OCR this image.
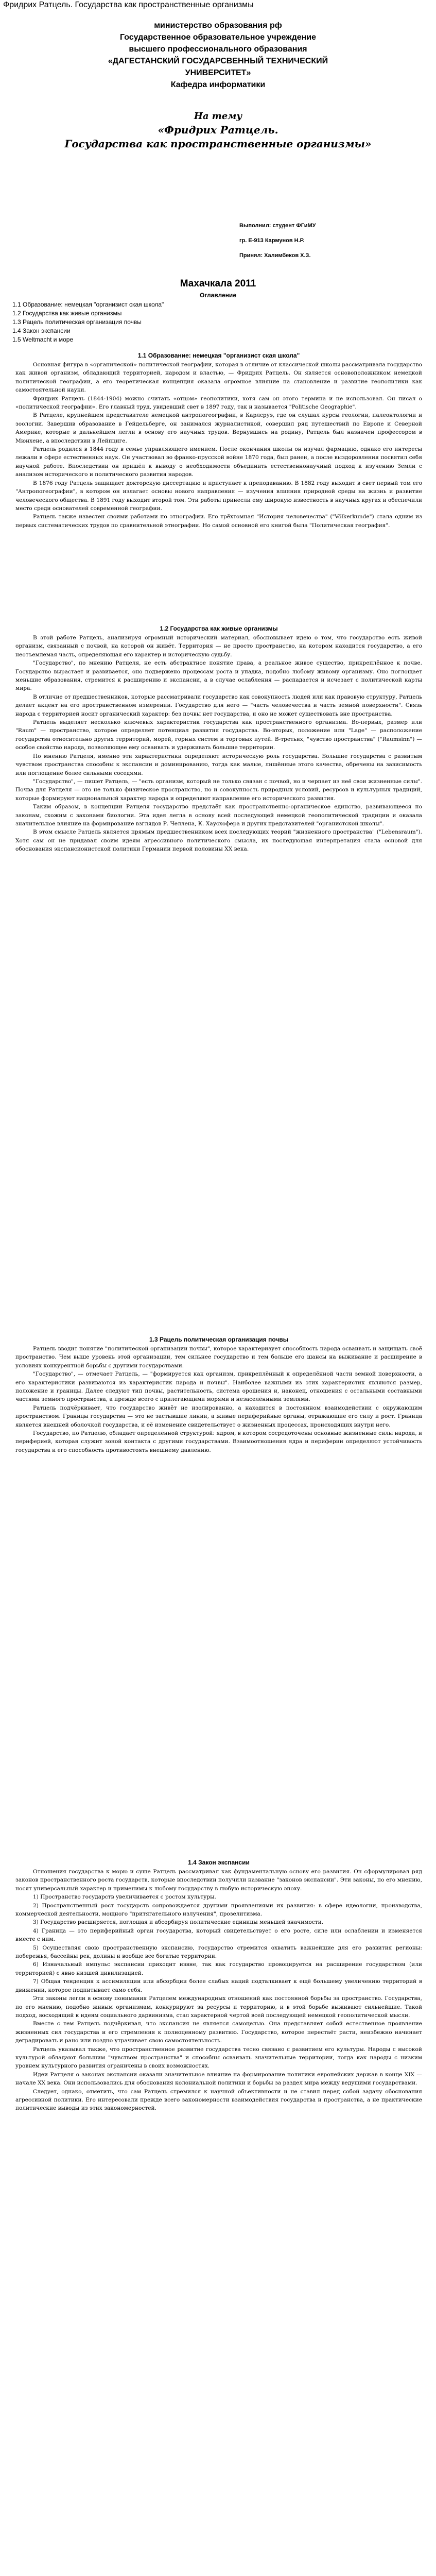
Фридрих Ратцель. Государства как пространственные организмы
министерство образования рф
Государственное образовательное учреждение
высшего профессионального образования
«ДАГЕСТАНСКИЙ ГОСУДАРСВЕННЫЙ ТЕХНИЧЕСКИЙ
УНИВЕРСИТЕТ»
Кафедра информатики
На тему
«Фридрих Ратцель.
Государства как пространственные организмы»
Выполнил: студент ФГиМУ
гр. Е-913 Кармунов Н.Р.
Принял: Халимбеков Х.З.
Махачкала 2011
Оглавление
1.1 Образование: немецкая "организист ская школа"
1.2 Государства как живые организмы
1.3 Рацель политическая организация почвы
1.4 Закон экспансии
1.5 Weltmacht и море
1.1 Образование: немецкая "организист ская школа"

Основная фигура в «органической» политической географии, которая в отличие от классической школы рассматривала государство как живой организм, обладающий территорией, народом и властью, — Фридрих Ратцель. Он является основоположником немецкой политической географии, а его теоретическая концепция оказала огромное влияние на становление и развитие геополитики как самостоятельной науки.

Фридрих Ратцель (1844-1904) можно считать «отцом» геополитики, хотя сам он этого термина и не использовал. Он писал о «политической географии». Его главный труд, увидевший свет в 1897 году, так и называется "Politische Geographie".

В Ратцеле, крупнейшем представителе немецкой антропогеографии, в Карлсруэ, где он слушал курсы геологии, палеонтологии и зоологии. Завершив образование в Гейдельберге, он занимался журналистикой, совершил ряд путешествий по Европе и Северной Америке, которые в дальнейшем легли в основу его научных трудов. Вернувшись на родину, Ратцель был назначен профессором в Мюнхене, а впоследствии в Лейпциге.

Ратцель родился в 1844 году в семье управляющего имением. После окончания школы он изучал фармацию, однако его интересы лежали в сфере естественных наук. Он участвовал во франко-прусской войне 1870 года, был ранен, а после выздоровления посвятил себя научной работе. Впоследствии он пришёл к выводу о необходимости объединить естественнонаучный подход к изучению Земли с анализом исторического и политического развития народов.

В 1876 году Ратцель защищает докторскую диссертацию и приступает к преподаванию. В 1882 году выходит в свет первый том его "Антропогеографии", в котором он излагает основы нового направления — изучения влияния природной среды на жизнь и развитие человеческого общества. В 1891 году выходит второй том. Эти работы принесли ему широкую известность в научных кругах и обеспечили место среди основателей современной географии.

Ратцель также известен своими работами по этнографии. Его трёхтомная "История человечества" ("Völkerkunde") стала одним из первых систематических трудов по сравнительной этнографии. Но самой основной его книгой была "Политическая география".

1.2 Государства как живые организмы

В этой работе Ратцель, анализируя огромный исторический материал, обосновывает идею о том, что государство есть живой организм, связанный с почвой, на которой он живёт. Территория — не просто пространство, на котором находится государство, а его неотъемлемая часть, определяющая его характер и историческую судьбу.

"Государство", по мнению Ратцеля, не есть абстрактное понятие права, а реальное живое существо, прикреплённое к почве. Государство вырастает и развивается, оно подвержено процессам роста и упадка, подобно любому живому организму. Оно поглощает меньшие образования, стремится к расширению и экспансии, а в случае ослабления — распадается и исчезает с политической карты мира.

В отличие от предшественников, которые рассматривали государство как совокупность людей или как правовую структуру, Ратцель делает акцент на его пространственном измерении. Государство для него — "часть человечества и часть земной поверхности". Связь народа с территорией носит органический характер: без почвы нет государства, и оно не может существовать вне пространства.

Ратцель выделяет несколько ключевых характеристик государства как пространственного организма. Во-первых, размер или "Raum" — пространство, которое определяет потенциал развития государства. Во-вторых, положение или "Lage" — расположение государства относительно других территорий, морей, горных систем и торговых путей. В-третьих, "чувство пространства" ("Raumsinn") — особое свойство народа, позволяющее ему осваивать и удерживать большие территории.

По мнению Ратцеля, именно эти характеристики определяют историческую роль государства. Большие государства с развитым чувством пространства способны к экспансии и доминированию, тогда как малые, лишённые этого качества, обречены на зависимость или поглощение более сильными соседями.

"Государство", — пишет Ратцель, — "есть организм, который не только связан с почвой, но и черпает из неё свои жизненные силы". Почва для Ратцеля — это не только физическое пространство, но и совокупность природных условий, ресурсов и культурных традиций, которые формируют национальный характер народа и определяют направление его исторического развития.

Таким образом, в концепции Ратцеля государство предстаёт как пространственно-органическое единство, развивающееся по законам, схожим с законами биологии. Эта идея легла в основу всей последующей немецкой геополитической традиции и оказала значительное влияние на формирование взглядов Р. Челлена, К. Хаусхофера и других представителей "органистской школы".

В этом смысле Ратцель является прямым предшественником всех последующих теорий "жизненного пространства" ("Lebensraum"). Хотя сам он не придавал своим идеям агрессивного политического смысла, их последующая интерпретация стала основой для обоснования экспансионистской политики Германии первой половины XX века.

1.3 Рацель политическая организация почвы

Ратцель вводит понятие "политической организации почвы", которое характеризует способность народа осваивать и защищать своё пространство. Чем выше уровень этой организации, тем сильнее государство и тем больше его шансы на выживание и расширение в условиях конкурентной борьбы с другими государствами.

"Государство", — отмечает Ратцель, — "формируется как организм, прикреплённый к определённой части земной поверхности, а его характеристики развиваются из характеристик народа и почвы". Наиболее важными из этих характеристик являются размер, положение и границы. Далее следуют тип почвы, растительность, система орошения и, наконец, отношения с остальными составными частями земного пространства, а прежде всего с прилегающими морями и незаселёнными землями.

Ратцель подчёркивает, что государство живёт не изолированно, а находится в постоянном взаимодействии с окружающим пространством. Границы государства — это не застывшие линии, а живые периферийные органы, отражающие его силу и рост. Граница является внешней оболочкой государства, и её изменение свидетельствует о жизненных процессах, происходящих внутри него.

Государство, по Ратцелю, обладает определённой структурой: ядром, в котором сосредоточены основные жизненные силы народа, и периферией, которая служит зоной контакта с другими государствами. Взаимоотношения ядра и периферии определяют устойчивость государства и его способность противостоять внешнему давлению.

1.4 Закон экспансии

Отношения государства к морю и суше Ратцель рассматривал как фундаментальную основу его развития. Он сформулировал ряд законов пространственного роста государств, которые впоследствии получили название "законов экспансии". Эти законы, по его мнению, носят универсальный характер и применимы к любому государству в любую историческую эпоху.

1) Пространство государств увеличивается с ростом культуры.

2) Пространственный рост государств сопровождается другими проявлениями их развития: в сфере идеологии, производства, коммерческой деятельности, мощного "притягательного излучения", прозелитизма.

3) Государство расширяется, поглощая и абсорбируя политические единицы меньшей значимости.

4) Граница — это периферийный орган государства, который свидетельствует о его росте, силе или ослаблении и изменяется вместе с ним.

5) Осуществляя свою пространственную экспансию, государство стремится охватить важнейшие для его развития регионы: побережья, бассейны рек, долины и вообще все богатые территории.

6) Изначальный импульс экспансии приходит извне, так как государство провоцируется на расширение государством (или территорией) с явно низшей цивилизацией.

7) Общая тенденция к ассимиляции или абсорбции более слабых наций подталкивает к ещё большему увеличению территорий в движении, которое подпитывает само себя.

Эти законы легли в основу понимания Ратцелем международных отношений как постоянной борьбы за пространство. Государства, по его мнению, подобно живым организмам, конкурируют за ресурсы и территорию, и в этой борьбе выживают сильнейшие. Такой подход, восходящий к идеям социального дарвинизма, стал характерной чертой всей последующей немецкой геополитической мысли.

Вместе с тем Ратцель подчёркивал, что экспансия не является самоцелью. Она представляет собой естественное проявление жизненных сил государства и его стремления к полноценному развитию. Государство, которое перестаёт расти, неизбежно начинает деградировать и рано или поздно утрачивает свою самостоятельность.

Ратцель указывал также, что пространственное развитие государства тесно связано с развитием его культуры. Народы с высокой культурой обладают большим "чувством пространства" и способны осваивать значительные территории, тогда как народы с низким уровнем культурного развития ограничены в своих возможностях.

Идеи Ратцеля о законах экспансии оказали значительное влияние на формирование политики европейских держав в конце XIX — начале XX века. Они использовались для обоснования колониальной политики и борьбы за раздел мира между ведущими государствами.

Следует, однако, отметить, что сам Ратцель стремился к научной объективности и не ставил перед собой задачу обоснования агрессивной политики. Его интересовали прежде всего закономерности взаимодействия государства и пространства, а не практические политические выводы из этих закономерностей.
